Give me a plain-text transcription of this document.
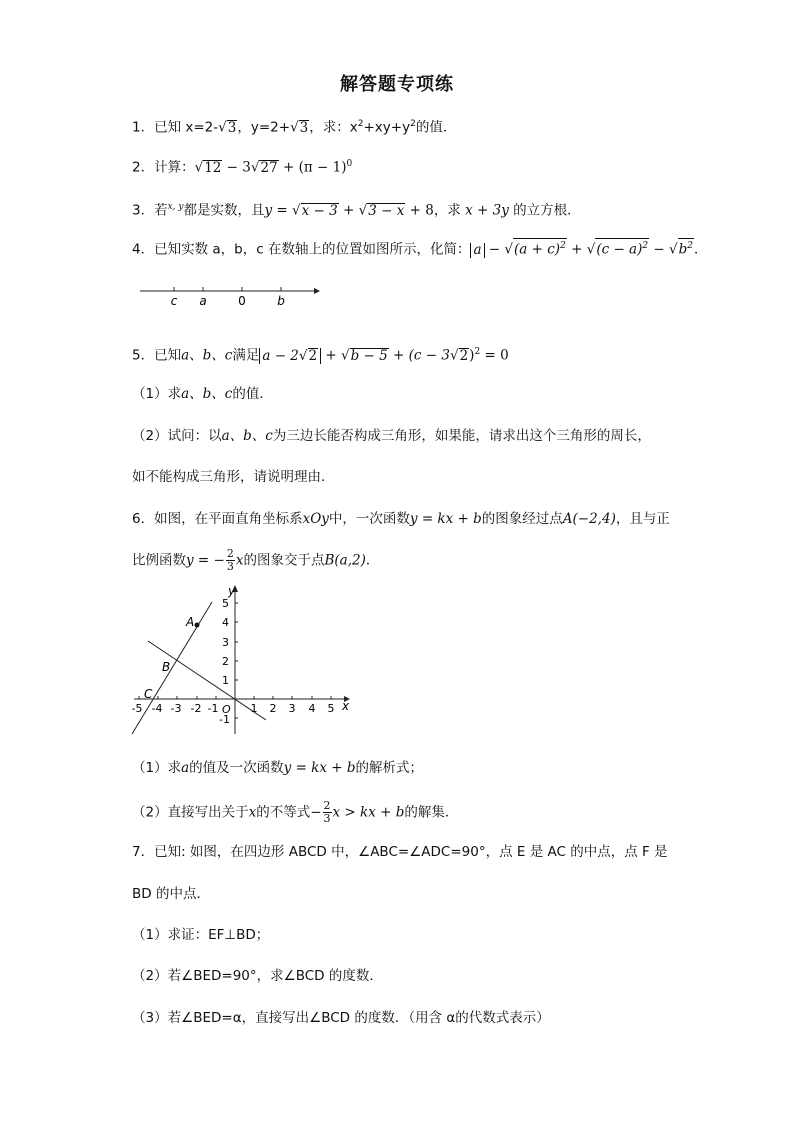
解答题专项练
1．已知 x=2-√3，y=2+√3，求：$x^2+xy+y^2$的值．
2．计算：$√12 - 3√27 + (\pi - 1)^0$
3．若$^{x, y}$都是实数，且y = √x − 3 + √3 − x + 8，求 x + 3y 的立方根．
4．已知实数 a，b，c 在数轴上的位置如图所示，化简： $a - √(a + c)^2 + √(c - a)^2 - √b^2$．
c a	0	b
5．已知a、b、c满足 $a - 2√2 + √b - 5 + (c - 3√2)^2 = 0$
（1）求a、b、c的值．
（2）试问：以a、b、c为三边长能否构成三角形，如果能，请求出这个三角形的周长，
如不能构成三角形，请说明理由．
6．如图，在平面直角坐标系xOy中，一次函数y = kx + b的图象经过点A(−2,4)，且与正
比例函数y = − $\frac{2}{3}$ x的图象交于点B(a,2)．
y
x
O
A
B
C
5
4
3
2
1
-1
-5 -4 -3 -2 -1	1 2 3 4 5
（1）求a的值及一次函数y = kx + b的解析式；
（2）直接写出关于x的不等式− $\frac{2}{3}$ x > kx + b的解集．
7．已知: 如图，在四边形 ABCD 中，∠ABC=∠ADC=90°，点 E 是 AC 的中点，点 F 是
BD 的中点．
（1）求证：EF⊥BD；
（2）若∠BED=90°，求∠BCD 的度数．
（3）若∠BED=α，直接写出∠BCD 的度数．（用含 α的代数式表示）
